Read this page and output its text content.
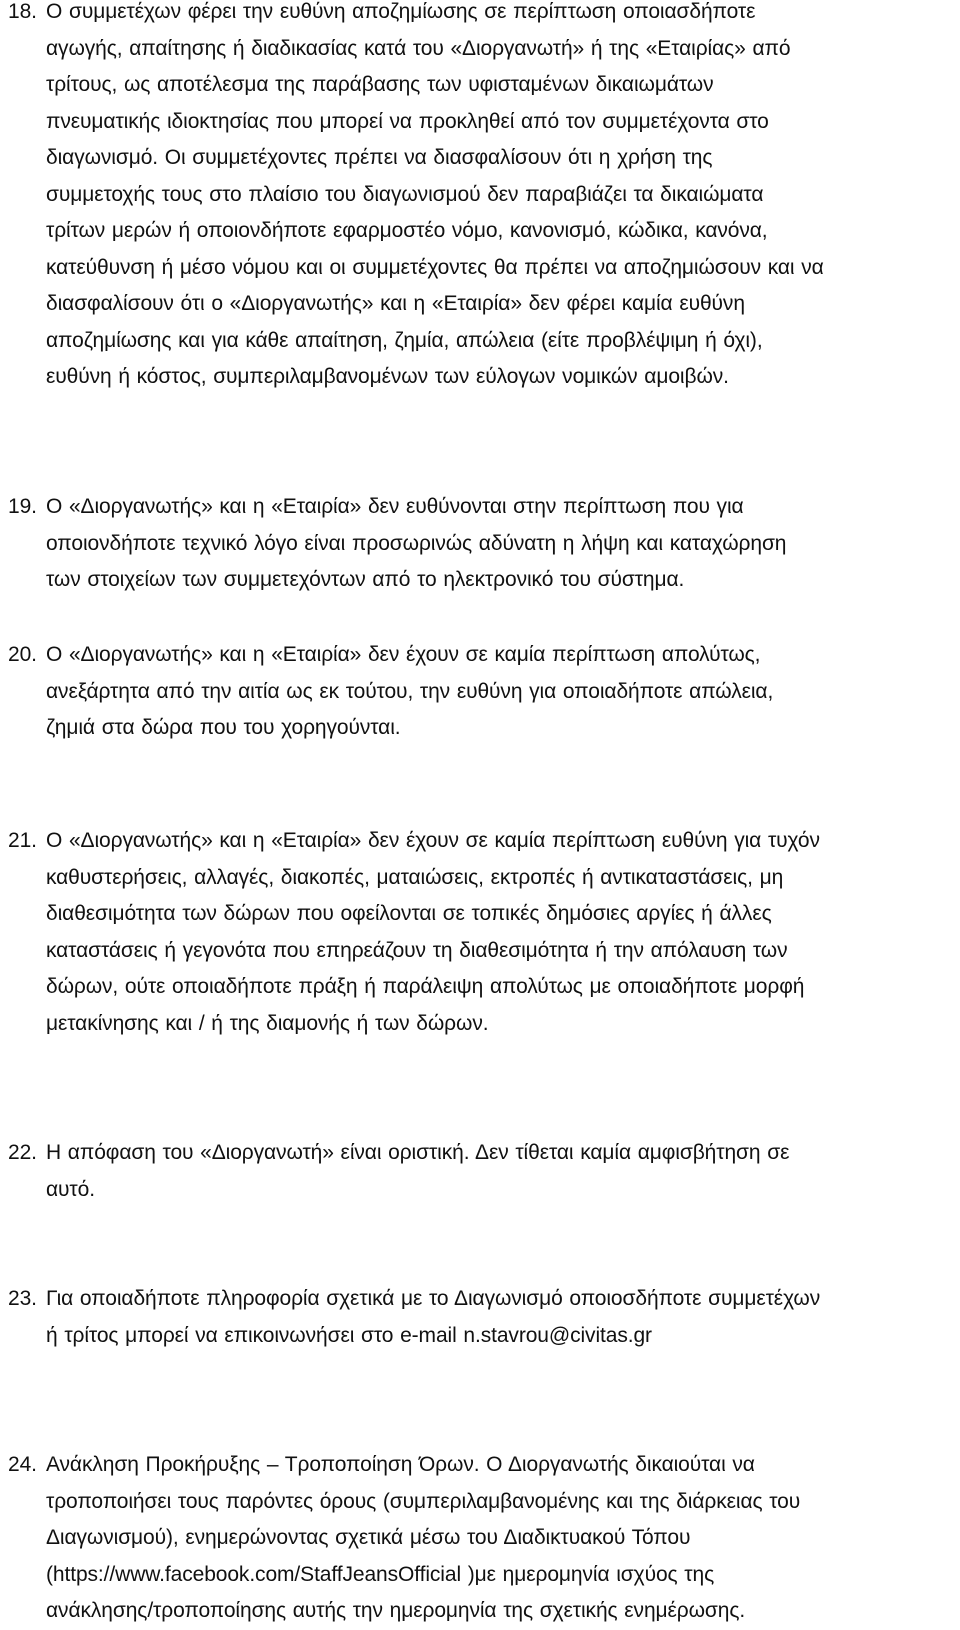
18. Ο συμμετέχων φέρει την ευθύνη αποζημίωσης σε περίπτωση οποιασδήποτε
αγωγής, απαίτησης ή διαδικασίας κατά του «Διοργανωτή» ή της «Εταιρίας» από
τρίτους, ως αποτέλεσμα της παράβασης των υφισταμένων δικαιωμάτων
πνευματικής ιδιοκτησίας που μπορεί να προκληθεί από τον συμμετέχοντα στο
διαγωνισμό. Οι συμμετέχοντες πρέπει να διασφαλίσουν ότι η χρήση της
συμμετοχής τους στο πλαίσιο του διαγωνισμού δεν παραβιάζει τα δικαιώματα
τρίτων μερών ή οποιονδήποτε εφαρμοστέο νόμο, κανονισμό, κώδικα, κανόνα,
κατεύθυνση ή μέσο νόμου και οι συμμετέχοντες θα πρέπει να αποζημιώσουν και να
διασφαλίσουν ότι ο «Διοργανωτής» και η «Εταιρία» δεν φέρει καμία ευθύνη
αποζημίωσης και για κάθε απαίτηση, ζημία, απώλεια (είτε προβλέψιμη ή όχι),
ευθύνη ή κόστος, συμπεριλαμβανομένων των εύλογων νομικών αμοιβών.
19. Ο «Διοργανωτής» και η «Εταιρία» δεν ευθύνονται στην περίπτωση που για
οποιονδήποτε τεχνικό λόγο είναι προσωρινώς αδύνατη η λήψη και καταχώρηση
των στοιχείων των συμμετεχόντων από το ηλεκτρονικό του σύστημα.
20. Ο «Διοργανωτής» και η «Εταιρία» δεν έχουν σε καμία περίπτωση απολύτως,
ανεξάρτητα από την αιτία ως εκ τούτου, την ευθύνη για οποιαδήποτε απώλεια,
ζημιά στα δώρα που του χορηγούνται.
21. Ο «Διοργανωτής» και η «Εταιρία» δεν έχουν σε καμία περίπτωση ευθύνη για τυχόν
καθυστερήσεις, αλλαγές, διακοπές, ματαιώσεις, εκτροπές ή αντικαταστάσεις, μη
διαθεσιμότητα των δώρων που οφείλονται σε τοπικές δημόσιες αργίες ή άλλες
καταστάσεις ή γεγονότα που επηρεάζουν τη διαθεσιμότητα ή την απόλαυση των
δώρων, ούτε οποιαδήποτε πράξη ή παράλειψη απολύτως με οποιαδήποτε μορφή
μετακίνησης και / ή της διαμονής ή των δώρων.
22. Η απόφαση του «Διοργανωτή» είναι οριστική. Δεν τίθεται καμία αμφισβήτηση σε
αυτό.
23. Για οποιαδήποτε πληροφορία σχετικά με το Διαγωνισμό οποιοσδήποτε συμμετέχων
ή τρίτος μπορεί να επικοινωνήσει στο e-mail n.stavrou@civitas.gr
24. Ανάκληση Προκήρυξης – Τροποποίηση Όρων. Ο Διοργανωτής δικαιούται να
τροποποιήσει τους παρόντες όρους (συμπεριλαμβανομένης και της διάρκειας του
Διαγωνισμού), ενημερώνοντας σχετικά μέσω του Διαδικτυακού Τόπου
(https://www.facebook.com/StaffJeansOfficial )με ημερομηνία ισχύος της
ανάκλησης/τροποποίησης αυτής την ημερομηνία της σχετικής ενημέρωσης.
